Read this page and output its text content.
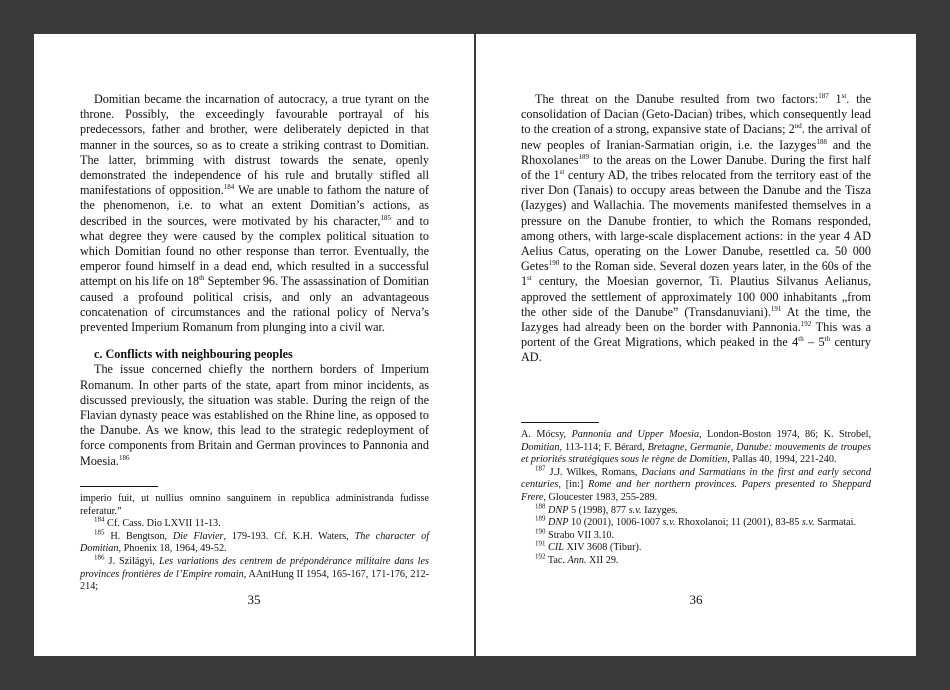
Domitian became the incarnation of autocracy, a true tyrant on the throne. Possibly, the exceedingly favourable portrayal of his predecessors, father and brother, were deliberately depicted in that manner in the sources, so as to create a striking contrast to Domitian. The latter, brimming with distrust towards the senate, openly demonstrated the independence of his rule and brutally stifled all manifestations of opposition.$^{184}$ We are unable to fathom the nature of the phenomenon, i.e. to what an extent Domitian’s actions, as described in the sources, were motivated by his character,$^{185}$ and to what degree they were caused by the complex political situation to which Domitian found no other response than terror. Eventually, the emperor found himself in a dead end, which resulted in a successful attempt on his life on 18th September 96. The assassination of Domitian caused a profound political crisis, and only an advantageous concatenation of circumstances and the rational policy of Nerva’s prevented Imperium Romanum from plunging into a civil war.

c. Conflicts with neighbouring peoples

The issue concerned chiefly the northern borders of Imperium Romanum. In other parts of the state, apart from minor incidents, as discussed previously, the situation was stable. During the reign of the Flavian dynasty peace was established on the Rhine line, as opposed to the Danube. As we know, this lead to the strategic redeployment of force components from Britain and German provinces to Pannonia and Moesia.$^{186}$

imperio fuit, ut nullius omnino sanguinem in republica administranda fudisse referatur.”

$^{184}$ Cf. Cass. Dio LXVII 11-13.

$^{185}$ H. Bengtson, Die Flavier, 179-193. Cf. K.H. Waters, The character of Domitian, Phoenix 18, 1964, 49-52.

$^{186}$ J. Szilágyi, Les variations des centrem de prépondérance militaire dans les provinces frontières de l’Empire romain, AAntHung II 1954, 165-167, 171-176, 212-214;

35

The threat on the Danube resulted from two factors:$^{187}$ 1st. the consolidation of Dacian (Geto-Dacian) tribes, which consequently lead to the creation of a strong, expansive state of Dacians; 2nd. the arrival of new peoples of Iranian-Sarmatian origin, i.e. the Iazyges$^{188}$ and the Rhoxolanes$^{189}$ to the areas on the Lower Danube. During the first half of the 1st century AD, the tribes relocated from the territory east of the river Don (Tanais) to occupy areas between the Danube and the Tisza (Iazyges) and Wallachia. The movements manifested themselves in a pressure on the Danube frontier, to which the Romans responded, among others, with large-scale displacement actions: in the year 4 AD Aelius Catus, operating on the Lower Danube, resettled ca. 50 000 Getes$^{190}$ to the Roman side. Several dozen years later, in the 60s of the 1st century, the Moesian governor, Ti. Plautius Silvanus Aelianus, approved the settlement of approximately 100 000 inhabitants „from the other side of the Danube” (Transdanuviani).$^{191}$ At the time, the Iazyges had already been on the border with Pannonia.$^{192}$ This was a portent of the Great Migrations, which peaked in the 4th – 5th century AD.

A. Mócsy, Pannonia and Upper Moesia, London-Boston 1974, 86; K. Strobel, Domitian, 113-114; F. Bérard, Bretagne, Germanie, Danube: mouvements de troupes et priorités stratégiques sous le règne de Domitien, Pallas 40, 1994, 221-240.

$^{187}$ J.J. Wilkes, Romans, Dacians and Sarmatians in the first and early second centuries, [in:] Rome and her northern provinces. Papers presented to Sheppard Frere, Gloucester 1983, 255-289.

$^{188}$ DNP 5 (1998), 877 s.v. Iazyges.

$^{189}$ DNP 10 (2001), 1006-1007 s.v. Rhoxolanoi; 11 (2001), 83-85 s.v. Sarmatai.

$^{190}$ Strabo VII 3.10.

$^{191}$ CIL XIV 3608 (Tibur).

$^{192}$ Tac. Ann. XII 29.

36
